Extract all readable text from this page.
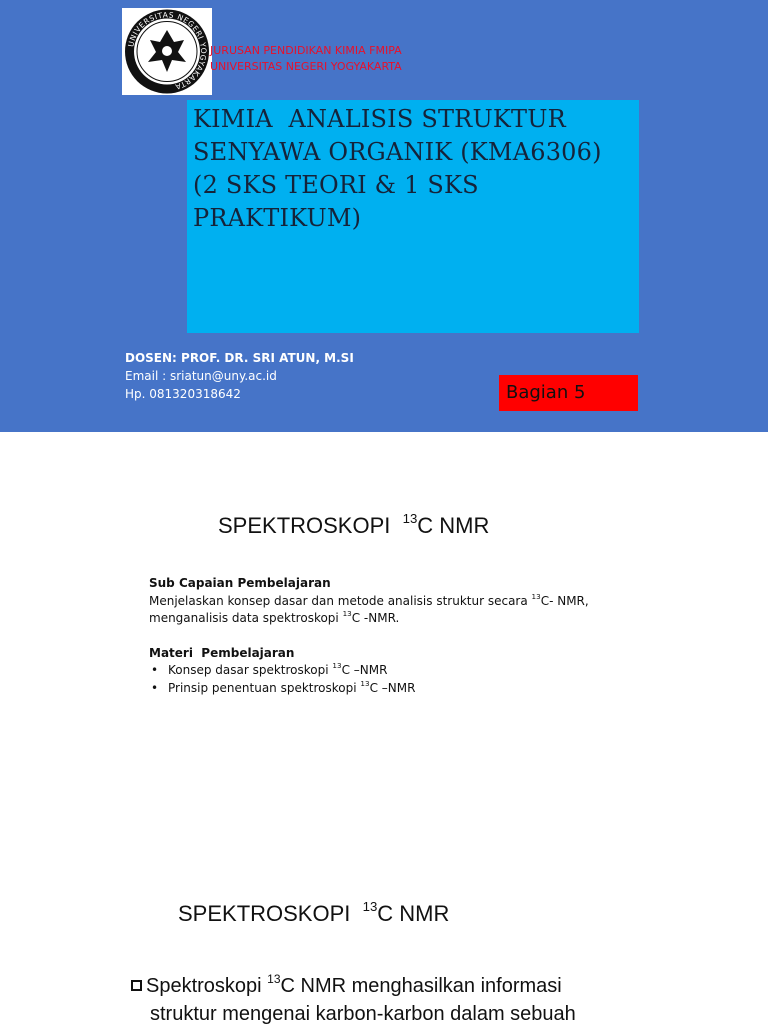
UNIVERSITAS NEGERI YOGYAKARTA
JURUSAN PENDIDIKAN KIMIA FMIPA
UNIVERSITAS NEGERI YOGYAKARTA
KIMIA  ANALISIS STRUKTUR
SENYAWA ORGANIK (KMA6306)
(2 SKS TEORI & 1 SKS
PRAKTIKUM)
DOSEN: PROF. DR. SRI ATUN, M.SI
Email : sriatun@uny.ac.id
Hp. 081320318642	Bagian 5
SPEKTROSKOPI  $^{13}$C NMR
Sub Capaian Pembelajaran
Menjelaskan konsep dasar dan metode analisis struktur secara $^{13}$C- NMR,
menganalisis data spektroskopi $^{13}$C -NMR.
Materi  Pembelajaran
• Konsep dasar spektroskopi $^{13}$C –NMR
• Prinsip penentuan spektroskopi $^{13}$C –NMR
SPEKTROSKOPI  $^{13}$C NMR
Spektroskopi $^{13}$C NMR menghasilkan informasi
struktur mengenai karbon-karbon dalam sebuah
